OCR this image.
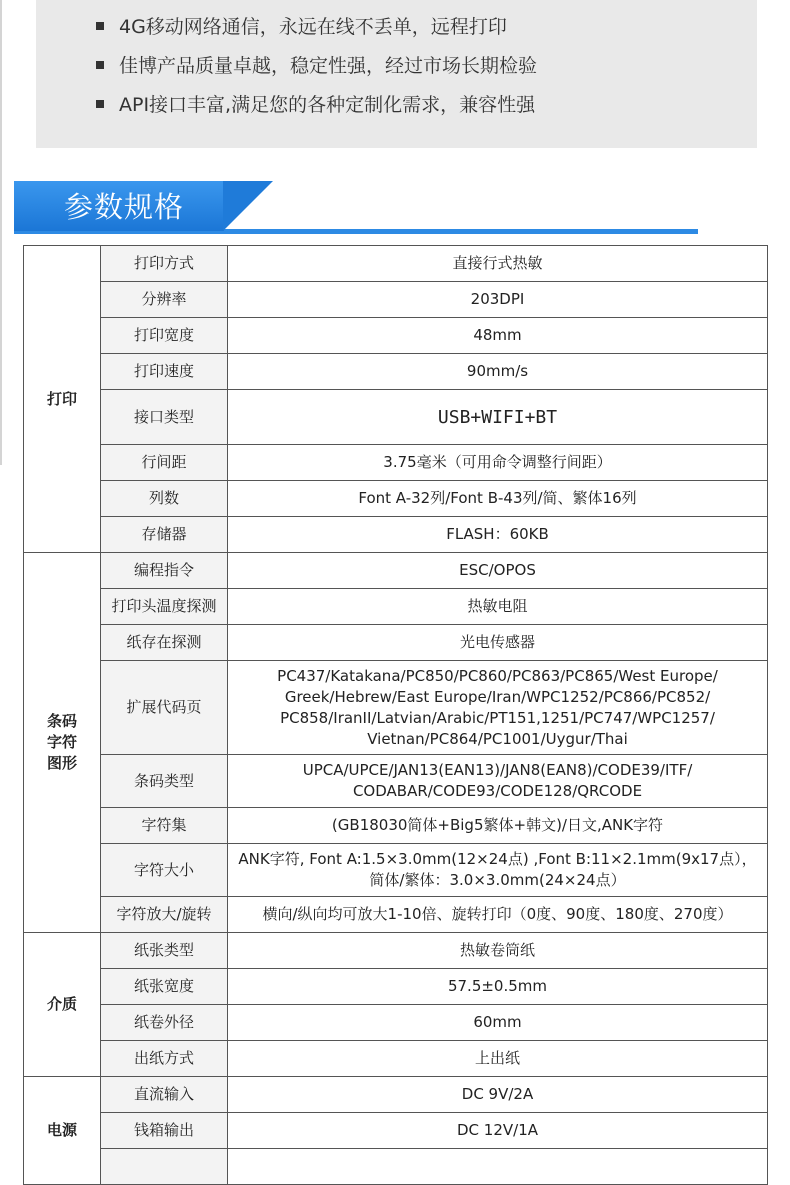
4G移动网络通信，永远在线不丢单，远程打印
佳博产品质量卓越，稳定性强，经过市场长期检验
API接口丰富,满足您的各种定制化需求，兼容性强
参数规格
打印	打印方式	直接行式热敏
	分辨率	203DPI
	打印宽度	48mm
	打印速度	90mm/s
	接口类型	USB+WIFI+BT
	行间距	3.75毫米（可用命令调整行间距）
	列数	Font A-32列/Font B-43列/简、繁体16列
	存储器	FLASH：60KB
条码
字符
图形	编程指令	ESC/OPOS
	打印头温度探测	热敏电阻
	纸存在探测	光电传感器
	扩展代码页	PC437/Katakana/PC850/PC860/PC863/PC865/West Europe/
Greek/Hebrew/East Europe/Iran/WPC1252/PC866/PC852/
PC858/IranII/Latvian/Arabic/PT151,1251/PC747/WPC1257/
Vietnan/PC864/PC1001/Uygur/Thai
	条码类型	UPCA/UPCE/JAN13(EAN13)/JAN8(EAN8)/CODE39/ITF/
CODABAR/CODE93/CODE128/QRCODE
	字符集	(GB18030简体+Big5繁体+韩文)/日文,ANK字符
	字符大小	ANK字符, Font A:1.5×3.0mm(12×24点) ,Font B:11×2.1mm(9x17点），
简体/繁体：3.0×3.0mm(24×24点）
	字符放大/旋转	横向/纵向均可放大1-10倍、旋转打印（0度、90度、180度、270度）
介质	纸张类型	热敏卷筒纸
	纸张宽度	57.5±0.5mm
	纸卷外径	60mm
	出纸方式	上出纸
电源	直流输入	DC 9V/2A
	钱箱输出	DC 12V/1A
